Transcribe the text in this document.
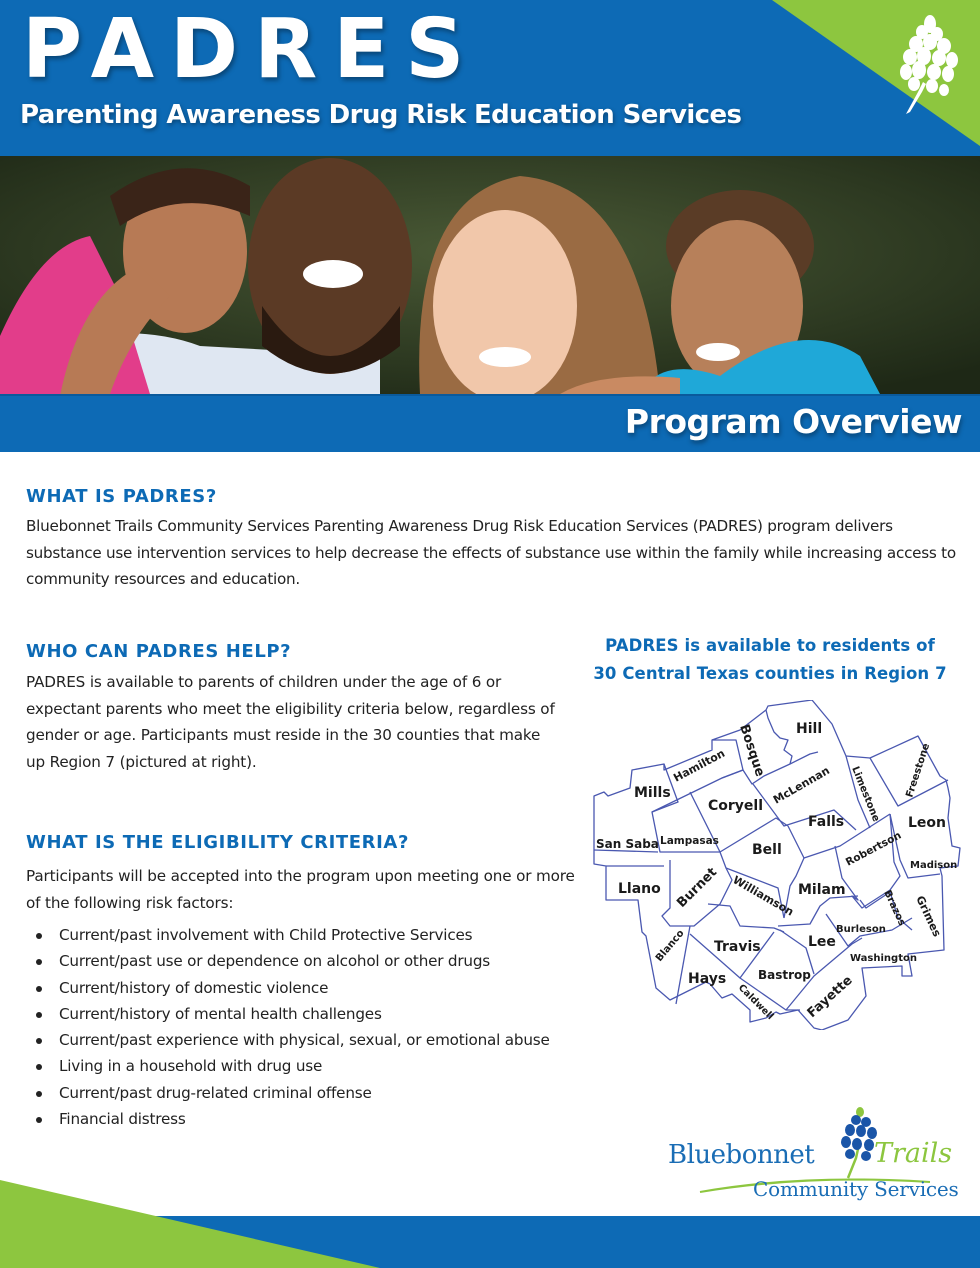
PADRES
Parenting Awareness Drug Risk Education Services
Program Overview
WHAT IS PADRES?
Bluebonnet Trails Community Services Parenting Awareness Drug Risk Education Services (PADRES) program delivers substance use intervention services to help decrease the effects of substance use within the family while increasing access to community resources and education.
WHO CAN PADRES HELP?
PADRES is available to parents of children under the age of 6 or expectant parents who meet the eligibility criteria below, regardless of gender or age. Participants must reside in the 30 counties that make up Region 7 (pictured at right).
WHAT IS THE ELIGIBILITY CRITERIA?
Participants will be accepted into the program upon meeting one or more of the following risk factors:
Current/past involvement with Child Protective Services
Current/past use or dependence on alcohol or other drugs
Current/history of domestic violence
Current/history of mental health challenges
Current/past experience with physical, sexual, or emotional abuse
Living in a household with drug use
Current/past drug-related criminal offense
Financial distress
PADRES is available to residents of
30 Central Texas counties in Region 7
Hill
Bosque
Hamilton
Mills
Coryell McLennan Limestone Freestone
Leon
Falls
San Saba Lampasas
Bell	Robertson Madison
Llano Burnet Williamson Milam	Brazos Grimes
Burleson
Blanco Travis	Lee
Washington
Hays	Bastrop
Caldwell Fayette
Bluebonnet Trails
Community Services
